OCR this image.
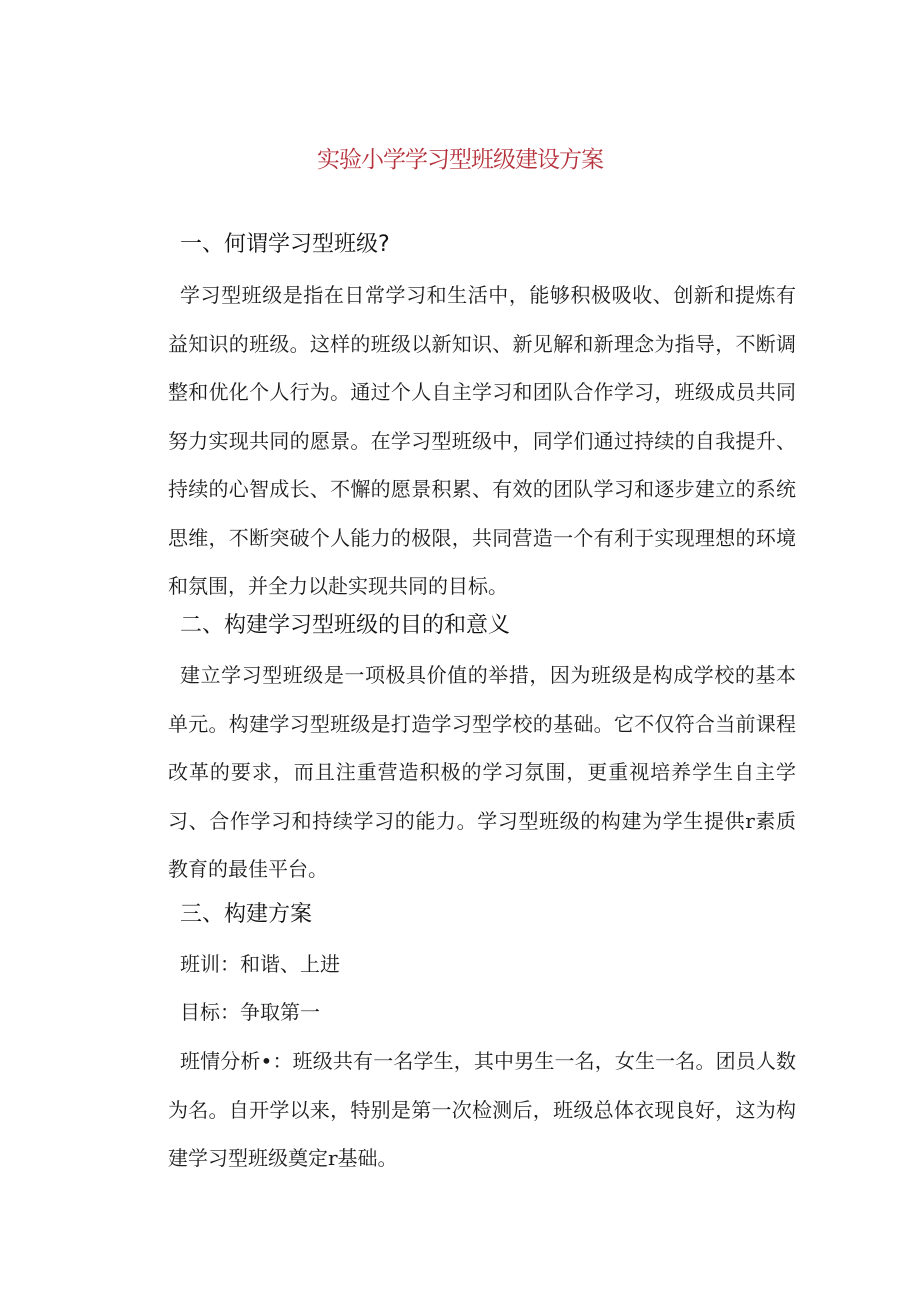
实验小学学习型班级建设方案
一、何谓学习型班级?

学习型班级是指在日常学习和生活中，能够积极吸收、创新和提炼有益知识的班级。这样的班级以新知识、新见解和新理念为指导，不断调整和优化个人行为。通过个人自主学习和团队合作学习，班级成员共同努力实现共同的愿景。在学习型班级中，同学们通过持续的自我提升、持续的心智成长、不懈的愿景积累、有效的团队学习和逐步建立的系统思维，不断突破个人能力的极限，共同营造一个有利于实现理想的环境和氛围，并全力以赴实现共同的目标。

二、构建学习型班级的目的和意义

建立学习型班级是一项极具价值的举措，因为班级是构成学校的基本单元。构建学习型班级是打造学习型学校的基础。它不仅符合当前课程改革的要求，而且注重营造积极的学习氛围，更重视培养学生自主学习、合作学习和持续学习的能力。学习型班级的构建为学生提供r素质教育的最佳平台。

三、构建方案

班训：和谐、上进

目标：争取第一

班情分析•：班级共有一名学生，其中男生一名，女生一名。团员人数为名。自开学以来，特别是第一次检测后，班级总体衣现良好，这为构建学习型班级奠定r基础。
